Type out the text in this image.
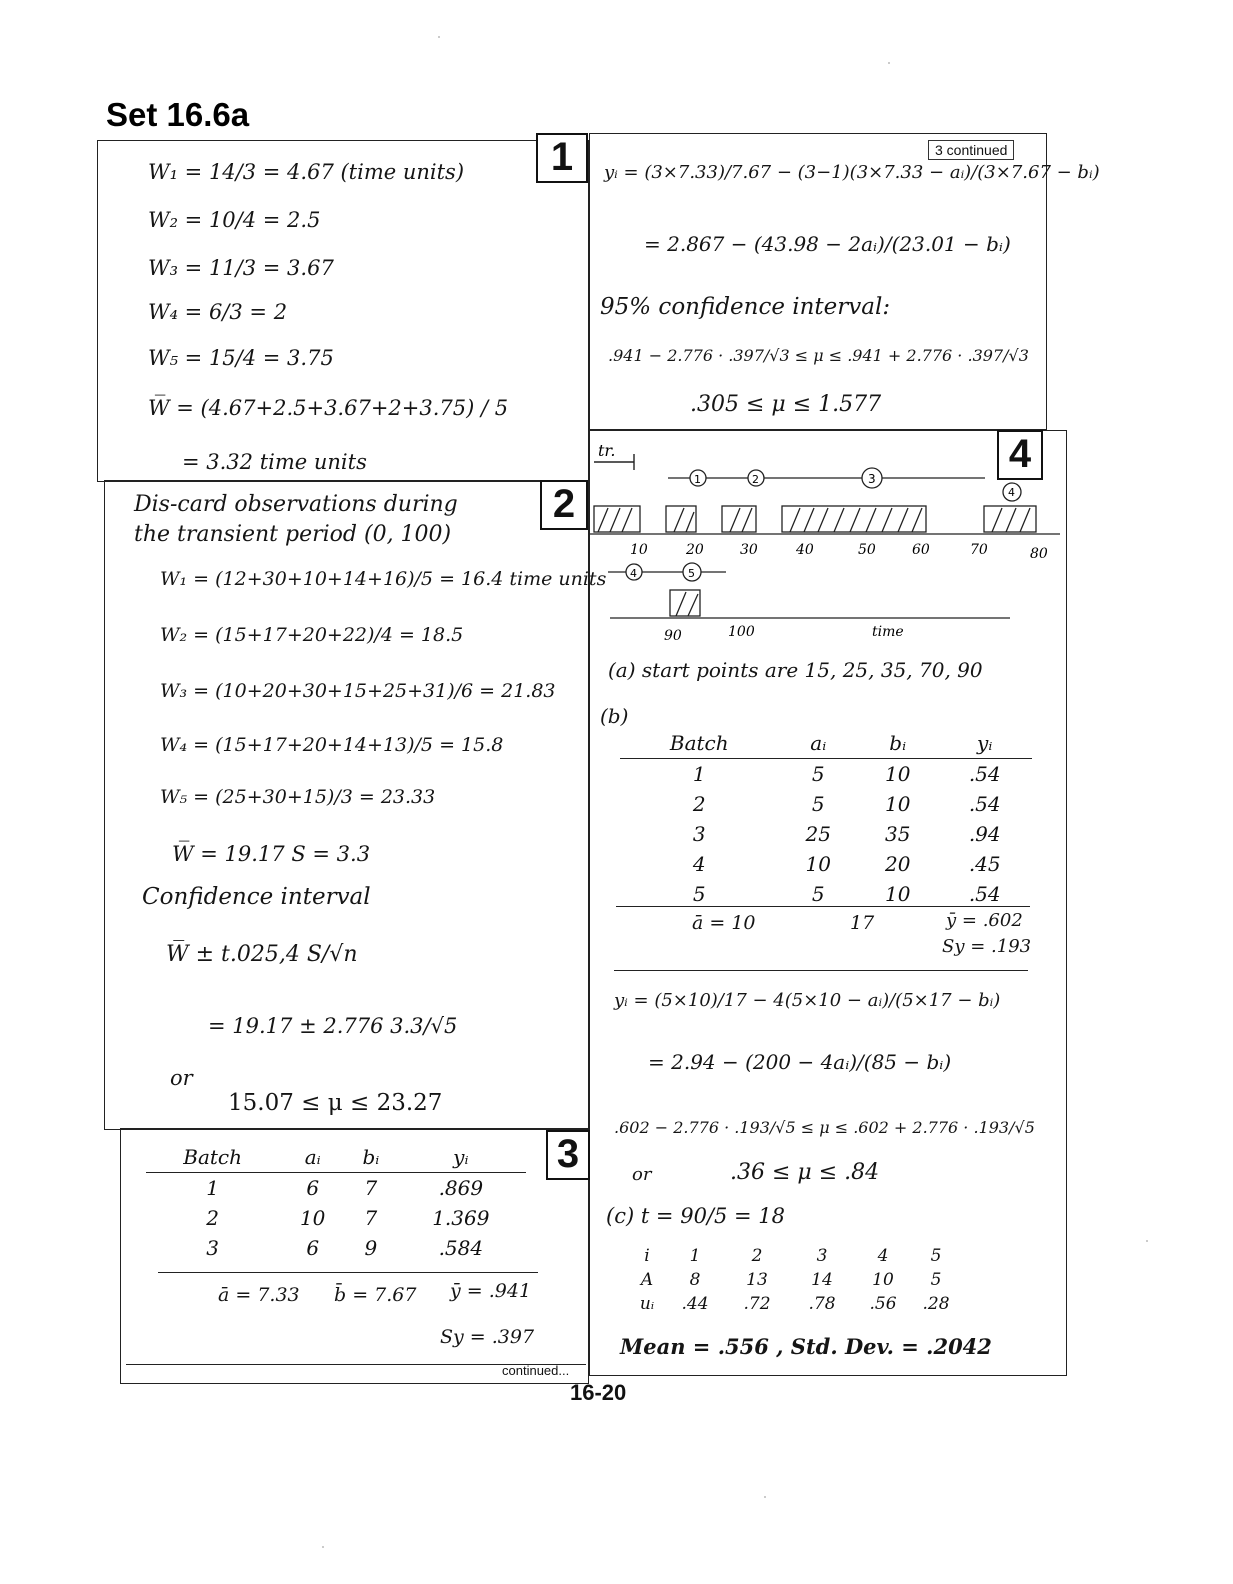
Set 16.6a
1
2
3
4
3 continued
W₁ = 14/3 = 4.67 (time units)
W₂ = 10/4 = 2.5
W₃ = 11/3 = 3.67
W₄ = 6/3 = 2
W₅ = 15/4 = 3.75
W̅ = (4.67+2.5+3.67+2+3.75) / 5
= 3.32 time units
Dis-card observations during
the transient period (0, 100)
W₁ = (12+30+10+14+16)/5 = 16.4 time units
W₂ = (15+17+20+22)/4 = 18.5
W₃ = (10+20+30+15+25+31)/6 = 21.83
W₄ = (15+17+20+14+13)/5 = 15.8
W₅ = (25+30+15)/3 = 23.33
W̅ = 19.17 S = 3.3
Confidence interval
W̅ ± t.025,4 S/√n
= 19.17 ± 2.776 3.3/√5
or
15.07 ≤ μ ≤ 23.27
Batch	aᵢ	bᵢ	yᵢ
1	6	7	.869
2	10	7	1.369
3	6	9	.584
ā = 7.33 b̄ = 7.67 ȳ = .941
Sy = .397
continued...
yᵢ = (3×7.33)/7.67 − (3−1)(3×7.33 − aᵢ)/(3×7.67 − bᵢ)
= 2.867 − (43.98 − 2aᵢ)/(23.01 − bᵢ)
95% confidence interval:
.941 − 2.776 · .397/√3 ≤ μ ≤ .941 + 2.776 · .397/√3
.305 ≤ μ ≤ 1.577
tr.
1	2	3
4
10	20	30	40	50	60	70	80
4	5
90	100	time
(a) start points are 15, 25, 35, 70, 90
(b)
Batch	aᵢ	bᵢ	yᵢ
1	5	10	.54
2	5	10	.54
3	25	35	.94
4	10	20	.45
5	5	10	.54
ā = 10	17	ȳ = .602
Sy = .193
yᵢ = (5×10)/17 − 4(5×10 − aᵢ)/(5×17 − bᵢ)
= 2.94 − (200 − 4aᵢ)/(85 − bᵢ)
.602 − 2.776 · .193/√5 ≤ μ ≤ .602 + 2.776 · .193/√5
or	.36 ≤ μ ≤ .84
(c) t = 90/5 = 18
i	1	2	3	4	5
A	8	13	14	10	5
uᵢ	.44	.72	.78	.56	.28
Mean = .556 , Std. Dev. = .2042
16-20
